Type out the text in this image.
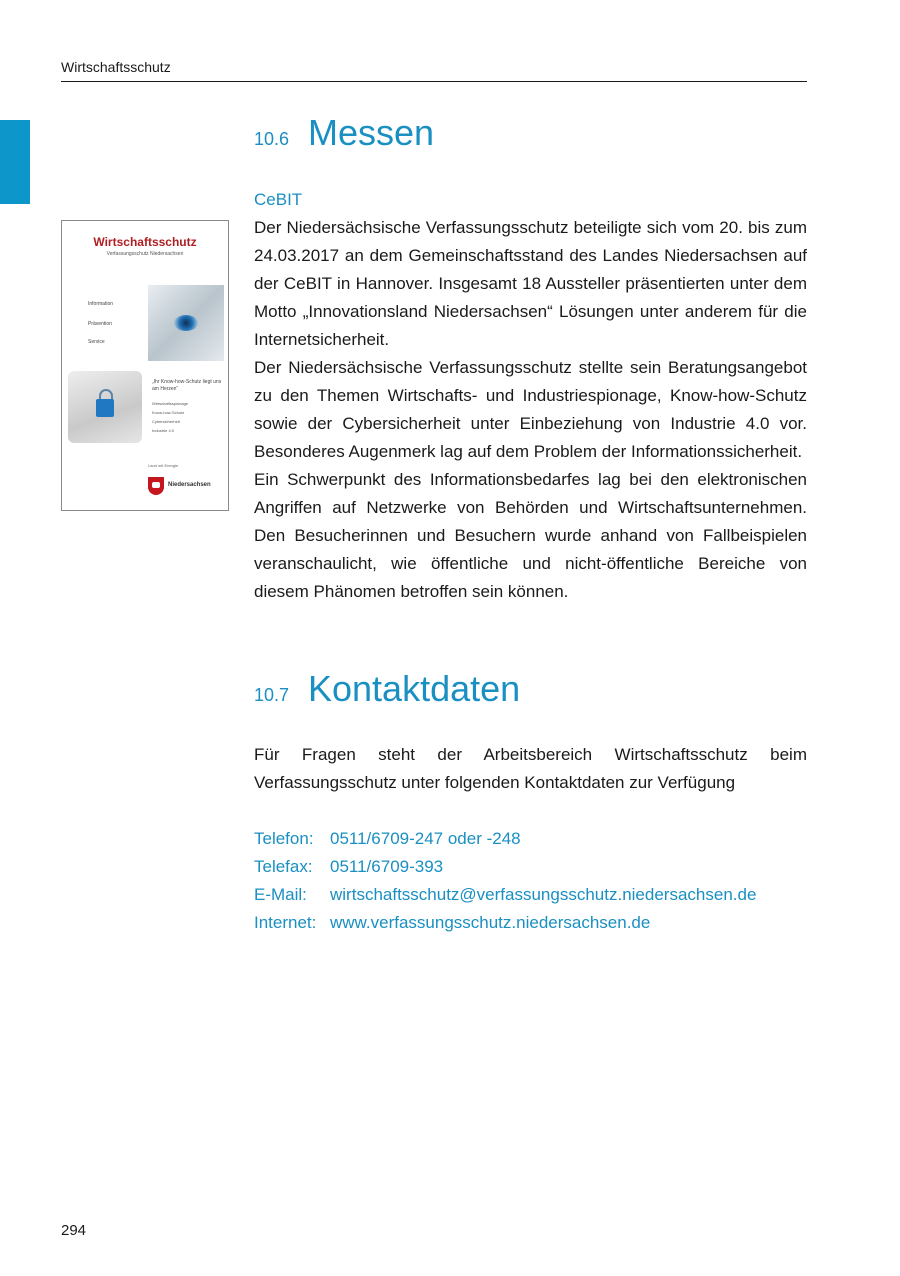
Wirtschaftsschutz
Wirtschaftsschutz
Verfassungsschutz Niedersachsen
Information
Prävention
Service
„Ihr Know-how-Schutz liegt uns am Herzen“
Wirtschaftsspionage
Know-how-Schutz
Cybersicherheit
Industrie 4.0
Land mit Energie
Niedersachsen
10.6 Messen
CeBIT

Der Niedersächsische Verfassungsschutz beteiligte sich vom 20. bis zum 24.03.2017 an dem Gemeinschaftsstand des Landes Niedersachsen auf der CeBIT in Hannover. Insgesamt 18 Aussteller präsentierten unter dem Motto „Innovationsland Niedersachsen“ Lösungen unter anderem für die Internetsicherheit.

Der Niedersächsische Verfassungsschutz stellte sein Beratungsangebot zu den Themen Wirtschafts- und Industriespionage, Know-how-Schutz sowie der Cybersicherheit unter Einbeziehung von Industrie 4.0 vor. Besonderes Augenmerk lag auf dem Problem der Informationssicherheit.

Ein Schwerpunkt des Informationsbedarfes lag bei den elektronischen Angriffen auf Netzwerke von Behörden und Wirtschaftsunternehmen. Den Besucherinnen und Besuchern wurde anhand von Fallbeispielen veranschaulicht, wie öffentliche und nicht-öffentliche Bereiche von diesem Phänomen betroffen sein können.

10.7 Kontaktdaten

Für Fragen steht der Arbeitsbereich Wirtschaftsschutz beim Verfassungsschutz unter folgenden Kontaktdaten zur Verfügung

Telefon: 0511/6709-247 oder -248
Telefax:	0511/6709-393
E-Mail:	wirtschaftsschutz@verfassungsschutz.niedersachsen.de
Internet: www.verfassungsschutz.niedersachsen.de
294
